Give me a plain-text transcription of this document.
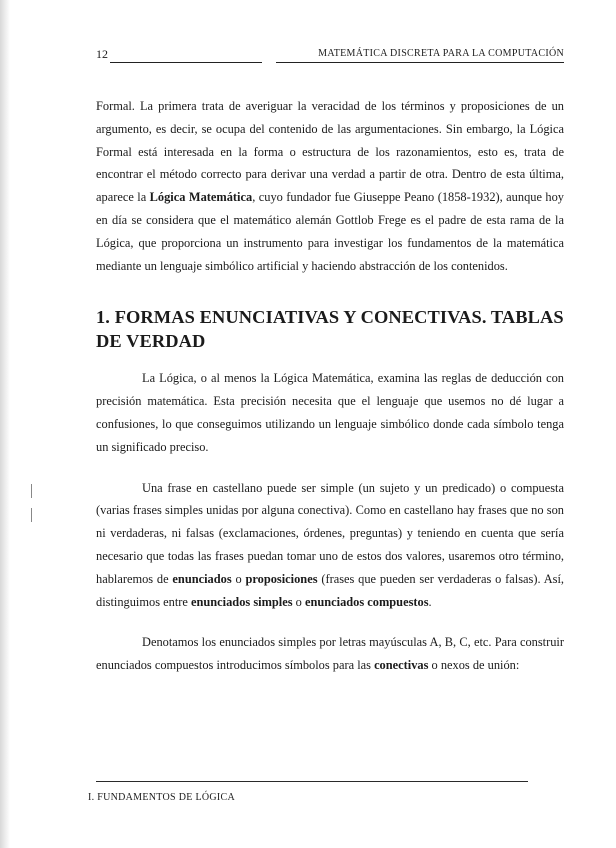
12	MATEMÁTICA DISCRETA PARA LA COMPUTACIÓN

Formal. La primera trata de averiguar la veracidad de los términos y proposiciones de un argumento, es decir, se ocupa del contenido de las argumentaciones. Sin embargo, la Lógica Formal está interesada en la forma o estructura de los razonamientos, esto es, trata de encontrar el método correcto para derivar una verdad a partir de otra. Dentro de esta última, aparece la Lógica Matemática, cuyo fundador fue Giuseppe Peano (1858-1932), aunque hoy en día se considera que el matemático alemán Gottlob Frege es el padre de esta rama de la Lógica, que proporciona un instrumento para investigar los fundamentos de la matemática mediante un lenguaje simbólico artificial y haciendo abstracción de los contenidos.

1. FORMAS ENUNCIATIVAS Y CONECTIVAS. TABLAS DE VERDAD

La Lógica, o al menos la Lógica Matemática, examina las reglas de deducción con precisión matemática. Esta precisión necesita que el lenguaje que usemos no dé lugar a confusiones, lo que conseguimos utilizando un lenguaje simbólico donde cada símbolo tenga un significado preciso.

Una frase en castellano puede ser simple (un sujeto y un predicado) o compuesta (varias frases simples unidas por alguna conectiva). Como en castellano hay frases que no son ni verdaderas, ni falsas (exclamaciones, órdenes, preguntas) y teniendo en cuenta que sería necesario que todas las frases puedan tomar uno de estos dos valores, usaremos otro término, hablaremos de enunciados o proposiciones (frases que pueden ser verdaderas o falsas). Así, distinguimos entre enunciados simples o enunciados compuestos.

Denotamos los enunciados simples por letras mayúsculas A, B, C, etc. Para construir enunciados compuestos introducimos símbolos para las conectivas o nexos de unión:

I. FUNDAMENTOS DE LÓGICA
